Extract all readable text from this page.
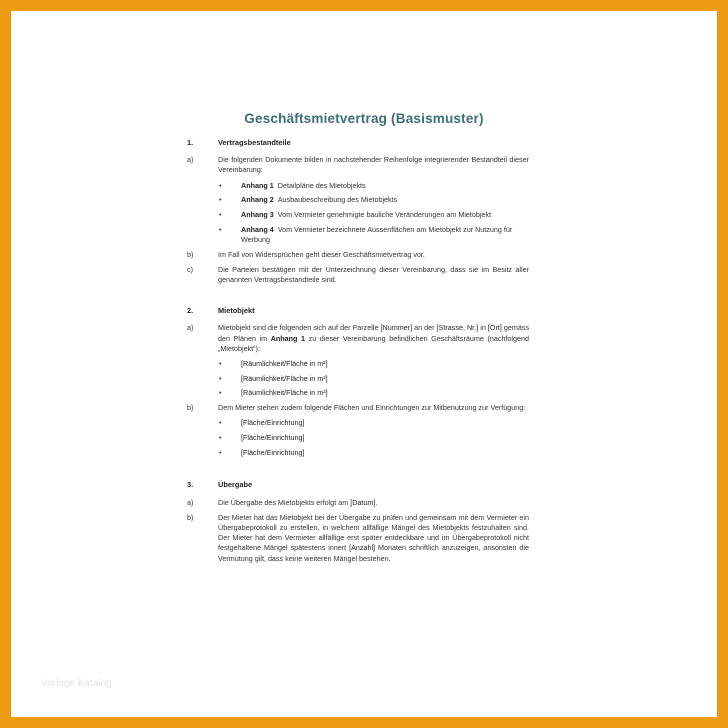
Geschäftsmietvertrag (Basismuster)
1.	Vertragsbestandteile
a)	Die folgenden Dokumente bilden in nachstehender Reihenfolge integrierender Bestandteil dieser Vereinbarung:
•	Anhang 1 Detailpläne des Mietobjekts
•	Anhang 2 Ausbaubeschreibung des Mietobjekts
•	Anhang 3 Vom Vermieter genehmigte bauliche Veränderungen am Mietobjekt
•	Anhang 4 Vom Vermieter bezeichnete Aussenflächen am Mietobjekt zur Nutzung für Werbung
b)	Im Fall von Widersprüchen geht dieser Geschäftsmietvertrag vor.
c)	Die Parteien bestätigen mit der Unterzeichnung dieser Vereinbarung, dass sie im Besitz aller genannten Vertragsbestandteile sind.
2.	Mietobjekt
a)	Mietobjekt sind die folgenden sich auf der Parzelle [Nummer] an der [Strasse, Nr.] in [Ort] gemäss den Plänen im Anhang 1 zu dieser Vereinbarung befindlichen Geschäftsräume (nachfolgend „Mietobjekt“):
•	[Räumlichkeit/Fläche in m²]
•	[Räumlichkeit/Fläche in m²]
•	[Räumlichkeit/Fläche in m²]
b)	Dem Mieter stehen zudem folgende Flächen und Einrichtungen zur Mitbenutzung zur Verfügung:
•	[Fläche/Einrichtung]
•	[Fläche/Einrichtung]
•	[Fläche/Einrichtung]
3.	Übergabe
a)	Die Übergabe des Mietobjekts erfolgt am [Datum].
b)	Der Mieter hat das Mietobjekt bei der Übergabe zu prüfen und gemeinsam mit dem Vermieter ein Übergabeprotokoll zu erstellen, in welchem allfällige Mängel des Mietobjekts festzuhalten sind. Der Mieter hat dem Vermieter allfällige erst später entdeckbare und im Übergabeprotokoll nicht festgehaltene Mängel spätestens innert [Anzahl] Monaten schriftlich anzuzeigen, ansonsten die Vermutung gilt, dass keine weiteren Mängel bestehen.
Vorlage Katalog
